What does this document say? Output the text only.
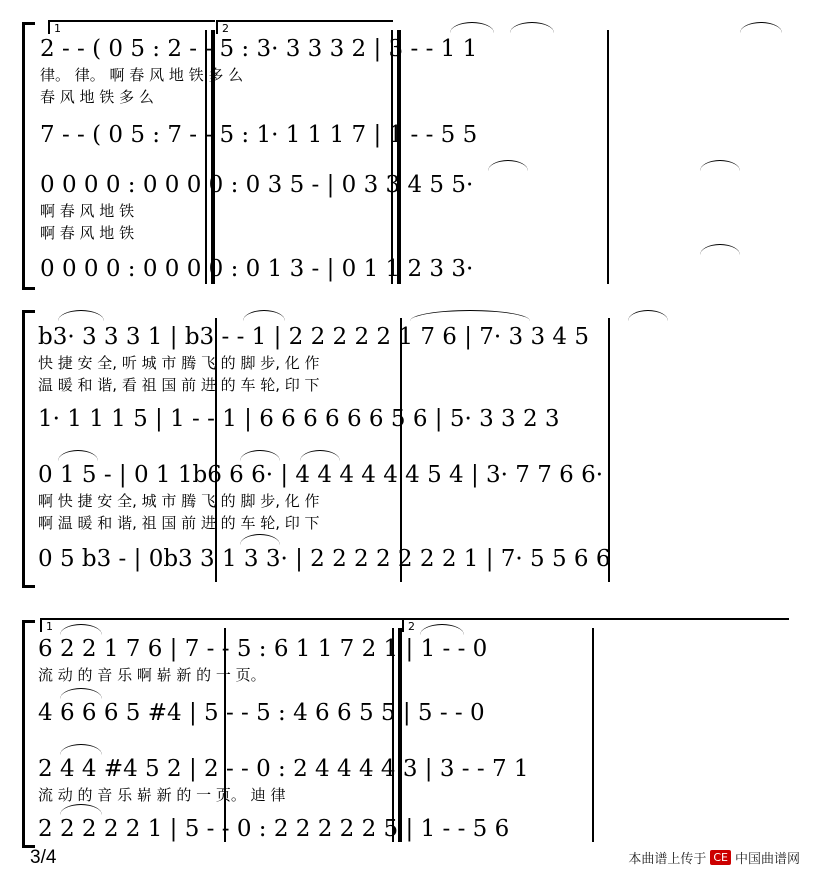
1	2
2 - - ( 0 5 : 2 - - 5 : 3· 3 3 3 2 | 3 - - 1 1
律。 律。 啊 春 风 地 铁 多 么
春 风 地 铁 多 么
7 - - ( 0 5 : 7 - - 5 : 1· 1 1 1 7 | 1 - - 5 5
0 0 0 0 : 0 0 0 0 : 0 3 5 - | 0 3 3 4 5 5·
啊 春 风 地 铁
啊 春 风 地 铁
0 0 0 0 : 0 0 0 0 : 0 1 3 - | 0 1 1 2 3 3·
b3· 3 3 3 1 | b3 - - 1 | 2 2 2 2 2 1 7 6 | 7· 3 3 4 5
快 捷 安 全, 听 城 市 腾 飞 的 脚 步, 化 作
温 暖 和 谐, 看 祖 国 前 进 的 车 轮, 印 下
1· 1 1 1 5 | 1 - - 1 | 6 6 6 6 6 6 5 6 | 5· 3 3 2 3
0 1 5 - | 0 1 1b6 6 6· | 4 4 4 4 4 4 5 4 | 3· 7 7 6 6·
啊 快 捷 安 全, 城 市 腾 飞 的 脚 步, 化 作
啊 温 暖 和 谐, 祖 国 前 进 的 车 轮, 印 下
0 5 b3 - | 0b3 3 1 3 3· | 2 2 2 2 2 2 2 1 | 7· 5 5 6 6
1	2
6 2 2 1 7 6 | 7 - - 5 : 6 1 1 7 2 1 | 1 - - 0
流 动 的 音 乐 啊 崭 新 的 一 页。
4 6 6 6 5 #4 | 5 - - 5 : 4 6 6 5 5 | 5 - - 0
2 4 4 #4 5 2 | 2 - - 0 : 2 4 4 4 4 3 | 3 - - 7 1
流 动 的 音 乐 崭 新 的 一 页。 迪 律
2 2 2 2 2 1 | 5 - - 0 : 2 2 2 2 2 5 | 1 - - 5 6
3/4	本曲谱上传于 CE 中国曲谱网
